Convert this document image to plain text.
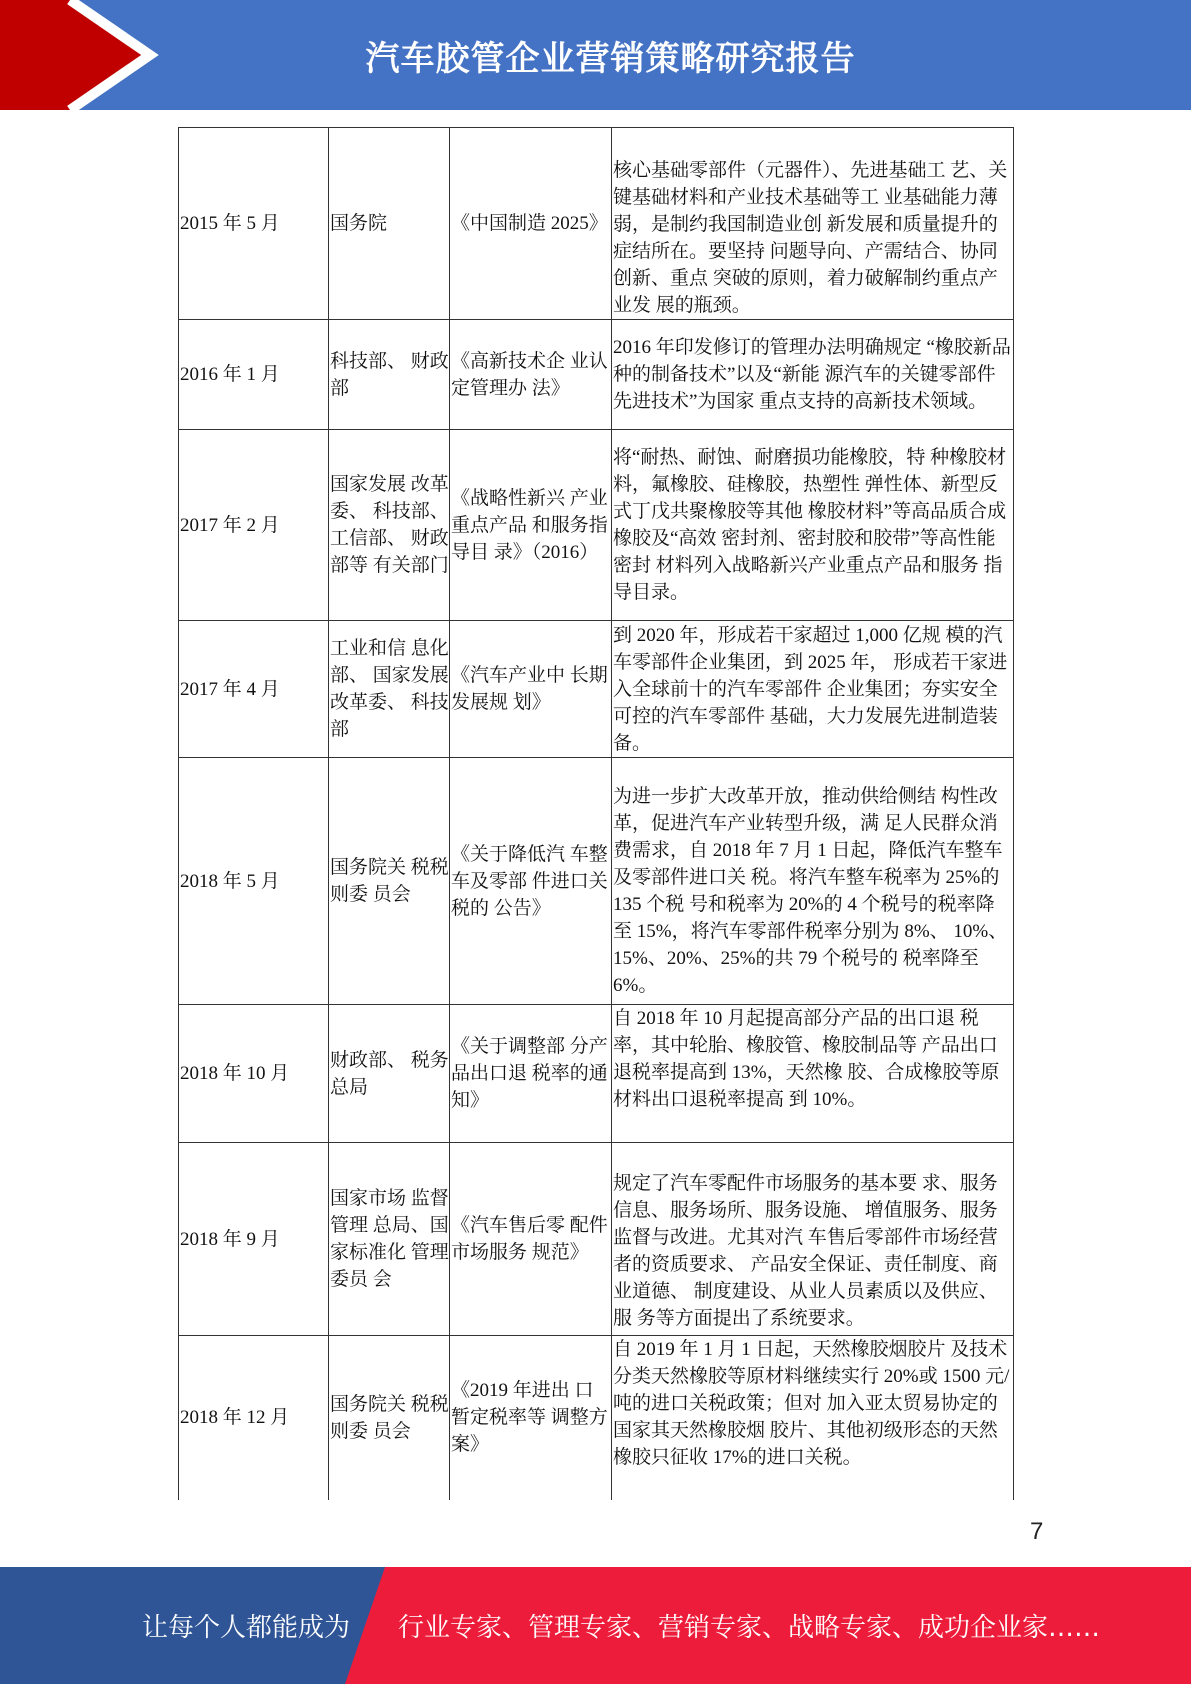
汽车胶管企业营销策略研究报告
2015 年 5 月	国务院	《中国制造 2025》	核心基础零部件（元器件）、先进基础工 艺、关键基础材料和产业技术基础等工 业基础能力薄弱，是制约我国制造业创 新发展和质量提升的症结所在。要坚持 问题导向、产需结合、协同创新、重点 突破的原则，着力破解制约重点产业发 展的瓶颈。
2016 年 1 月	科技部、 财政部	《高新技术企 业认定管理办 法》	2016 年印发修订的管理办法明确规定 “橡胶新品种的制备技术”以及“新能 源汽车的关键零部件先进技术”为国家 重点支持的高新技术领域。
2017 年 2 月	国家发展 改革委、 科技部、 工信部、 财政部等 有关部门	《战略性新兴 产业重点产品 和服务指导目 录》（2016）	将“耐热、耐蚀、耐磨损功能橡胶，特 种橡胶材料，氟橡胶、硅橡胶，热塑性 弹性体、新型反式丁戊共聚橡胶等其他 橡胶材料”等高品质合成橡胶及“高效 密封剂、密封胶和胶带”等高性能密封 材料列入战略新兴产业重点产品和服务 指导目录。
2017 年 4 月	工业和信 息化部、 国家发展 改革委、 科技部	《汽车产业中 长期发展规 划》	到 2020 年，形成若干家超过 1,000 亿规 模的汽车零部件企业集团，到 2025 年， 形成若干家进入全球前十的汽车零部件 企业集团；夯实安全可控的汽车零部件 基础，大力发展先进制造装备。
2018 年 5 月	国务院关 税税则委 员会	《关于降低汽 车整车及零部 件进口关税的 公告》	为进一步扩大改革开放，推动供给侧结 构性改革，促进汽车产业转型升级，满 足人民群众消费需求，自 2018 年 7 月 1 日起，降低汽车整车及零部件进口关 税。将汽车整车税率为 25%的 135 个税 号和税率为 20%的 4 个税号的税率降至 15%，将汽车零部件税率分别为 8%、 10%、15%、20%、25%的共 79 个税号的 税率降至 6%。
2018 年 10 月	财政部、 税务总局	《关于调整部 分产品出口退 税率的通知》	自 2018 年 10 月起提高部分产品的出口退 税率，其中轮胎、橡胶管、橡胶制品等 产品出口退税率提高到 13%，天然橡 胶、合成橡胶等原材料出口退税率提高 到 10%。
2018 年 9 月	国家市场 监督管理 总局、国 家标准化 管理委员 会	《汽车售后零 配件市场服务 规范》	规定了汽车零配件市场服务的基本要 求、服务信息、服务场所、服务设施、 增值服务、服务监督与改进。尤其对汽 车售后零部件市场经营者的资质要求、 产品安全保证、责任制度、商业道德、 制度建设、从业人员素质以及供应、服 务等方面提出了系统要求。
2018 年 12 月	国务院关 税税则委 员会	《2019 年进出 口暂定税率等 调整方案》	自 2019 年 1 月 1 日起，天然橡胶烟胶片 及技术分类天然橡胶等原材料继续实行 20%或 1500 元/吨的进口关税政策；但对 加入亚太贸易协定的国家其天然橡胶烟 胶片、其他初级形态的天然橡胶只征收 17%的进口关税。
7
让每个人都能成为 行业专家、管理专家、营销专家、战略专家、成功企业家……
